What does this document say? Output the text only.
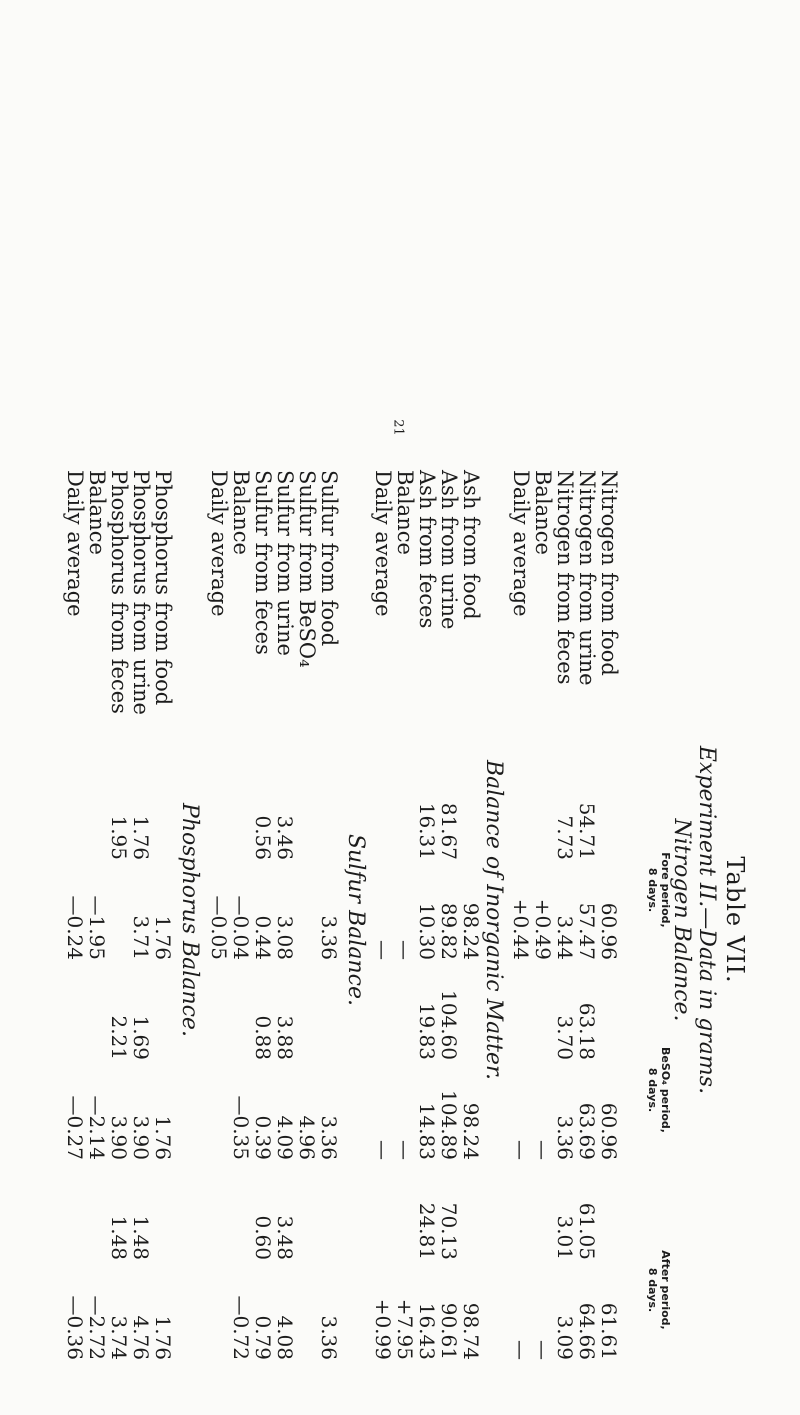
21
Table VII.
Experiment II.—Data in grams.
Fore period,
8 days.
BeSO₄ period,
8 days.
After period,
8 days.
Nitrogen Balance.
Nitrogen from food
60.96
60.96
61.61
Nitrogen from urine
54.71
57.47
63.18
63.69
61.05
64.66
Nitrogen from feces
7.73
3.44
3.70
3.36
3.01
3.09
Balance
+0.49
—
—
Daily average
+0.44
—
—
Balance of Inorganic Matter.
Ash from food
98.24
98.24
98.74
Ash from urine
81.67
89.82
104.60
104.89
70.13
90.61
Ash from feces
16.31
10.30
19.83
14.83
24.81
16.43
Balance
—
—
+7.95
Daily average
—
—
+0.99
Sulfur Balance.
Sulfur from food
3.36
3.36
3.36
Sulfur from BeSO₄
4.96
Sulfur from urine
3.46
3.08
3.88
4.09
3.48
4.08
Sulfur from feces
0.56
0.44
0.88
0.39
0.60
0.79
Balance
—0.04
—0.35
—0.72
Daily average
—0.05
Phosphorus Balance.
Phosphorus from food
1.76
1.76
1.76
Phosphorus from urine
1.76
3.71
1.69
3.90
1.48
4.76
Phosphorus from feces
1.95
2.21
3.90
1.48
3.74
Balance
—1.95
—2.14
—2.72
Daily average
—0.24
—0.27
—0.36
